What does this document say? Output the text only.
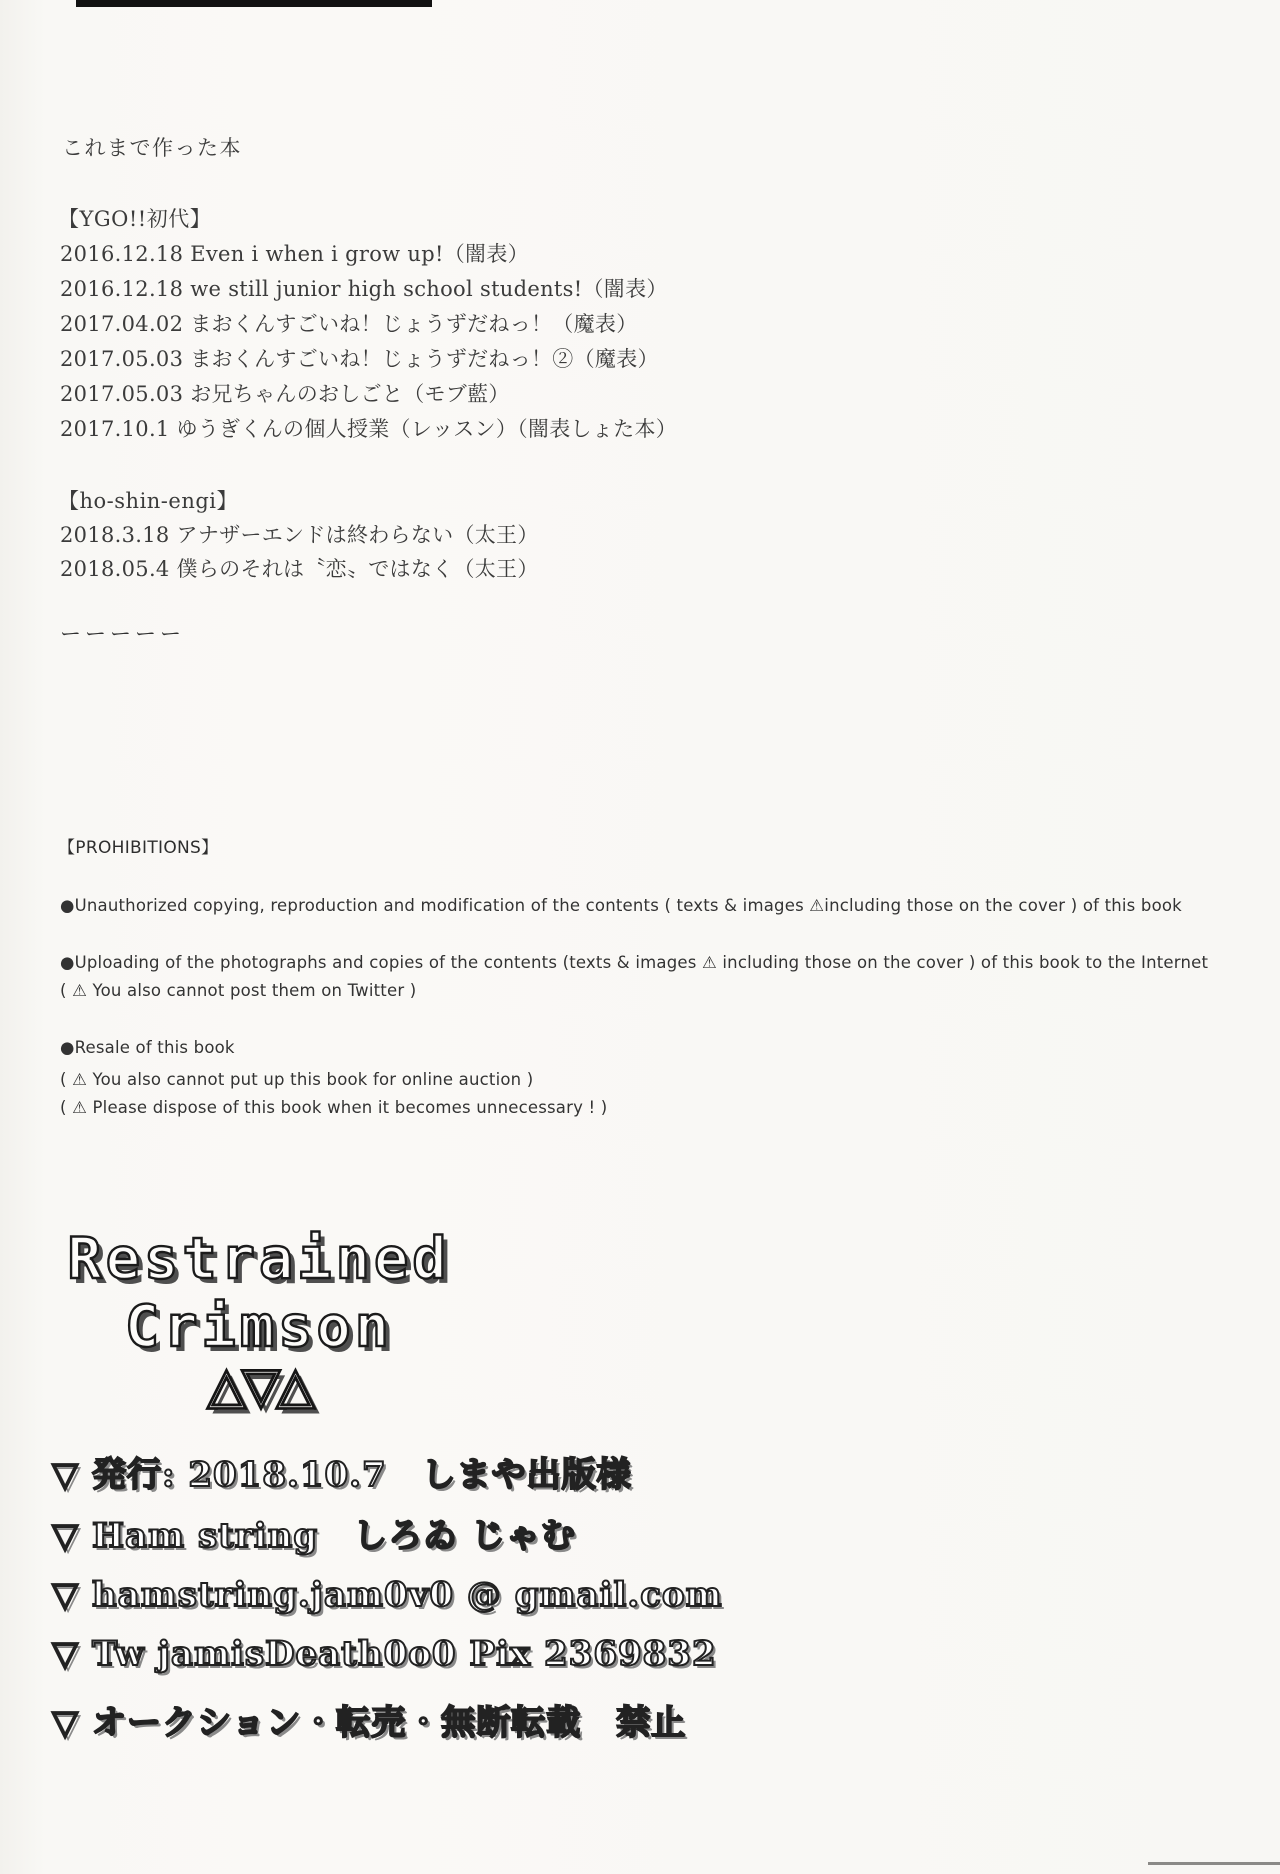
これまで作った本
【YGO!!初代】
2016.12.18 Even i when i grow up!（闇表）
2016.12.18 we still junior high school students!（闇表）
2017.04.02 まおくんすごいね！じょうずだねっ！（魔表）
2017.05.03 まおくんすごいね！じょうずだねっ！②（魔表）
2017.05.03 お兄ちゃんのおしごと（モブ藍）
2017.10.1 ゆうぎくんの個人授業（レッスン）（闇表しょた本）
【ho-shin-engi】
2018.3.18 アナザーエンドは終わらない（太王）
2018.05.4 僕らのそれは〝恋〟ではなく（太王）
ーーーーー
【PROHIBITIONS】
●Unauthorized copying, reproduction and modification of the contents ( texts & images ⚠including those on the cover ) of this book
●Uploading of the photographs and copies of the contents (texts & images ⚠ including those on the cover ) of this book to the Internet
( ⚠ You also cannot post them on Twitter )
●Resale of this book
( ⚠ You also cannot put up this book for online auction )
( ⚠ Please dispose of this book when it becomes unnecessary ! )
Restrained
Crimson
△▽△
▽ 発行: 2018.10.7　しまや出版様
▽ Ham string　しろゐ じゃむ
▽ hamstring.jam0v0 @ gmail.com
▽ Tw jamisDeath0o0 Pix 2369832
▽ オークション・転売・無断転載　禁止
